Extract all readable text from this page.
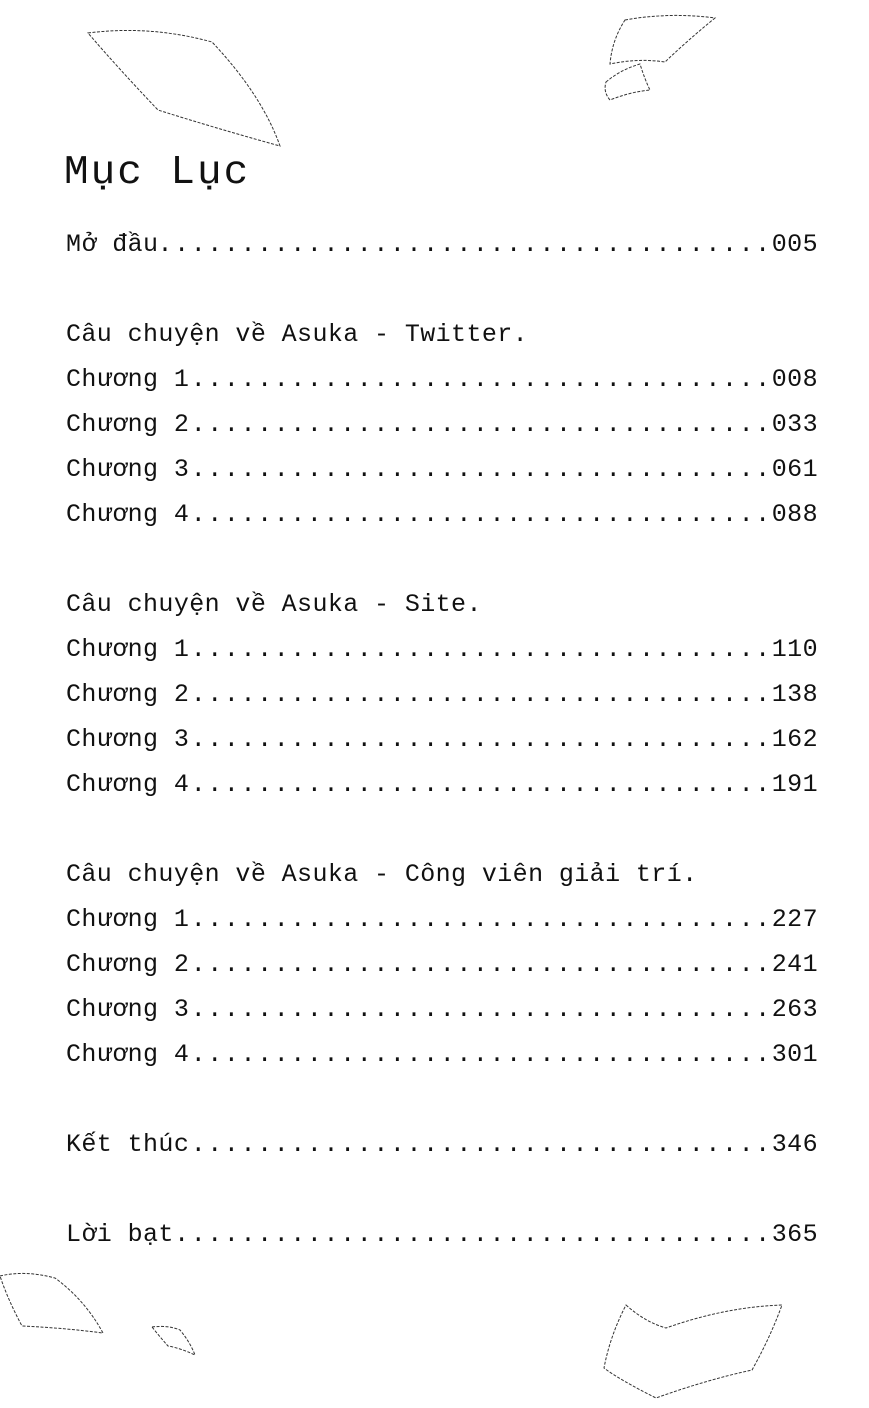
Mục Lục
Mở đầu .....	005
Câu chuyện về Asuka - Twitter.
Chương 1 .....	008
Chương 2 .....	033
Chương 3 .....	061
Chương 4 .....	088
Câu chuyện về Asuka - Site.
Chương 1 .....	110
Chương 2 .....	138
Chương 3 .....	162
Chương 4 .....	191
Câu chuyện về Asuka - Công viên giải trí.
Chương 1 .....	227
Chương 2 .....	241
Chương 3 .....	263
Chương 4 .....	301
Kết thúc .....	346
Lời bạt .....	365
